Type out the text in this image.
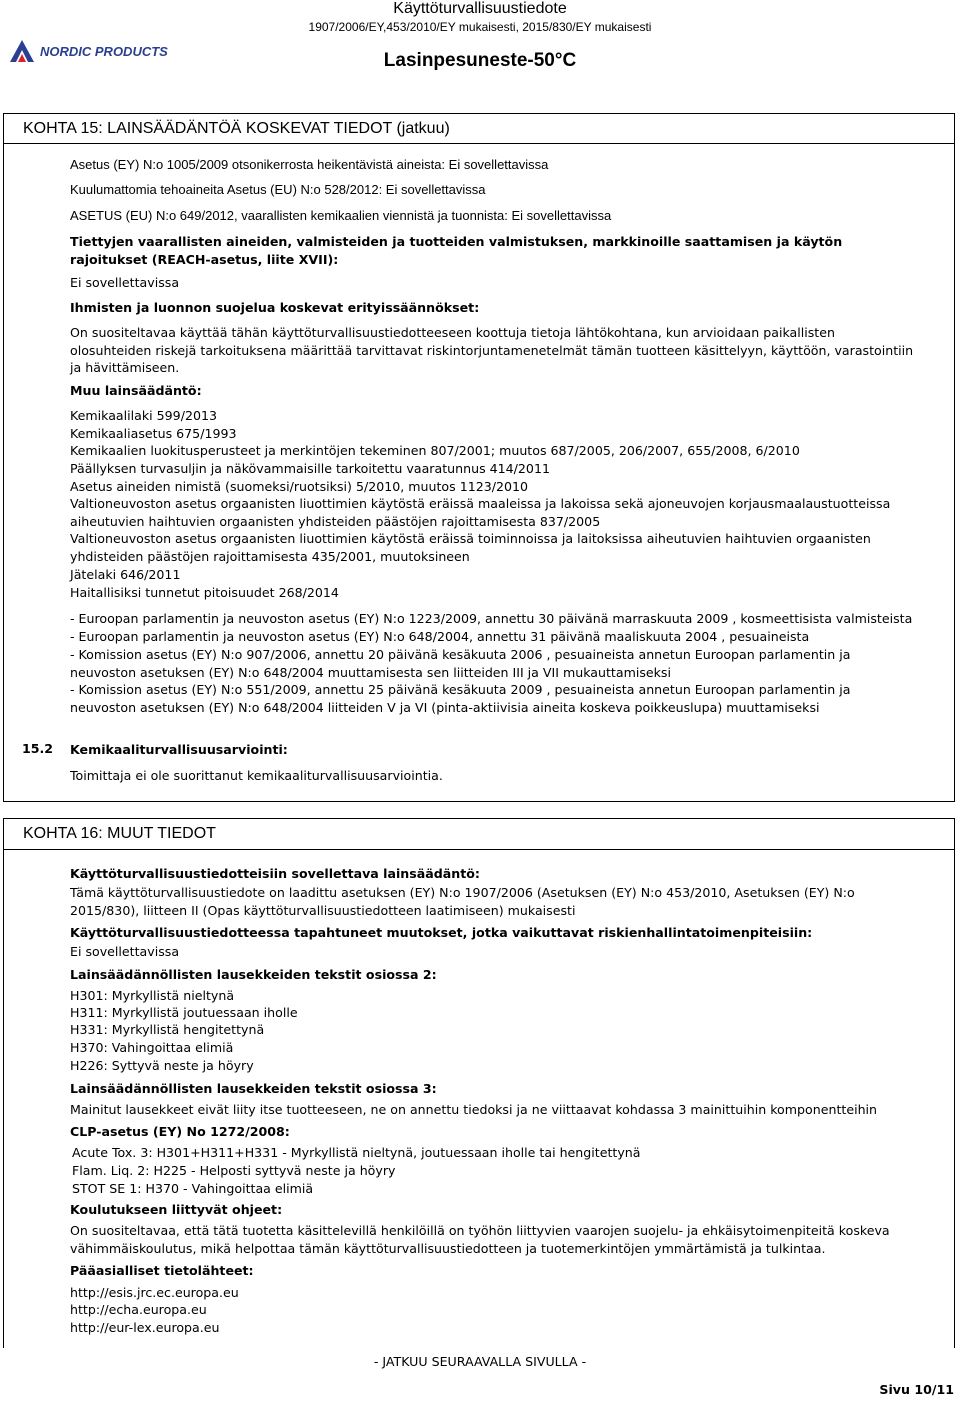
Käyttöturvallisuustiedote
1907/2006/EY,453/2010/EY mukaisesti, 2015/830/EY mukaisesti
Lasinpesuneste-50°C
NORDIC PRODUCTS
KOHTA 15: LAINSÄÄDÄNTÖÄ KOSKEVAT TIEDOT (jatkuu)
Asetus (EY) N:o 1005/2009 otsonikerrosta heikentävistä aineista: Ei sovellettavissa
Kuulumattomia tehoaineita Asetus (EU) N:o 528/2012: Ei sovellettavissa
ASETUS (EU) N:o 649/2012, vaarallisten kemikaalien viennistä ja tuonnista: Ei sovellettavissa
Tiettyjen vaarallisten aineiden, valmisteiden ja tuotteiden valmistuksen, markkinoille saattamisen ja käytön rajoitukset (REACH-asetus, liite XVII):
Ei sovellettavissa
Ihmisten ja luonnon suojelua koskevat erityissäännökset:
On suositeltavaa käyttää tähän käyttöturvallisuustiedotteeseen koottuja tietoja lähtökohtana, kun arvioidaan paikallisten olosuhteiden riskejä tarkoituksena määrittää tarvittavat riskintorjuntamenetelmät tämän tuotteen käsittelyyn, käyttöön, varastointiin ja hävittämiseen.
Muu lainsäädäntö:
Kemikaalilaki 599/2013
Kemikaaliasetus 675/1993
Kemikaalien luokitusperusteet ja merkintöjen tekeminen 807/2001; muutos 687/2005, 206/2007, 655/2008, 6/2010
Päällyksen turvasuljin ja näkövammaisille tarkoitettu vaaratunnus 414/2011
Asetus aineiden nimistä (suomeksi/ruotsiksi) 5/2010, muutos 1123/2010
Valtioneuvoston asetus orgaanisten liuottimien käytöstä eräissä maaleissa ja lakoissa sekä ajoneuvojen korjausmaalaustuotteissa aiheutuvien haihtuvien orgaanisten yhdisteiden päästöjen rajoittamisesta 837/2005
Valtioneuvoston asetus orgaanisten liuottimien käytöstä eräissä toiminnoissa ja laitoksissa aiheutuvien haihtuvien orgaanisten yhdisteiden päästöjen rajoittamisesta 435/2001, muutoksineen
Jätelaki 646/2011
Haitallisiksi tunnetut pitoisuudet 268/2014
- Euroopan parlamentin ja neuvoston asetus (EY) N:o 1223/2009, annettu 30 päivänä marraskuuta 2009 , kosmeettisista valmisteista
- Euroopan parlamentin ja neuvoston asetus (EY) N:o 648/2004, annettu 31 päivänä maaliskuuta 2004 , pesuaineista
- Komission asetus (EY) N:o 907/2006, annettu 20 päivänä kesäkuuta 2006 , pesuaineista annetun Euroopan parlamentin ja neuvoston asetuksen (EY) N:o 648/2004 muuttamisesta sen liitteiden III ja VII mukauttamiseksi
- Komission asetus (EY) N:o 551/2009, annettu 25 päivänä kesäkuuta 2009 , pesuaineista annetun Euroopan parlamentin ja neuvoston asetuksen (EY) N:o 648/2004 liitteiden V ja VI (pinta-aktiivisia aineita koskeva poikkeuslupa) muuttamiseksi
15.2 Kemikaaliturvallisuusarviointi:
Toimittaja ei ole suorittanut kemikaaliturvallisuusarviointia.
KOHTA 16: MUUT TIEDOT
Käyttöturvallisuustiedotteisiin sovellettava lainsäädäntö:
Tämä käyttöturvallisuustiedote on laadittu asetuksen (EY) N:o 1907/2006 (Asetuksen (EY) N:o 453/2010, Asetuksen (EY) N:o 2015/830), liitteen II (Opas käyttöturvallisuustiedotteen laatimiseen) mukaisesti
Käyttöturvallisuustiedotteessa tapahtuneet muutokset, jotka vaikuttavat riskienhallintatoimenpiteisiin:
Ei sovellettavissa
Lainsäädännöllisten lausekkeiden tekstit osiossa 2:
H301: Myrkyllistä nieltynä
H311: Myrkyllistä joutuessaan iholle
H331: Myrkyllistä hengitettynä
H370: Vahingoittaa elimiä
H226: Syttyvä neste ja höyry
Lainsäädännöllisten lausekkeiden tekstit osiossa 3:
Mainitut lausekkeet eivät liity itse tuotteeseen, ne on annettu tiedoksi ja ne viittaavat kohdassa 3 mainittuihin komponentteihin
CLP-asetus (EY) No 1272/2008:
Acute Tox. 3: H301+H311+H331 - Myrkyllistä nieltynä, joutuessaan iholle tai hengitettynä
Flam. Liq. 2: H225 - Helposti syttyvä neste ja höyry
STOT SE 1: H370 - Vahingoittaa elimiä
Koulutukseen liittyvät ohjeet:
On suositeltavaa, että tätä tuotetta käsittelevillä henkilöillä on työhön liittyvien vaarojen suojelu- ja ehkäisytoimenpiteitä koskeva vähimmäiskoulutus, mikä helpottaa tämän käyttöturvallisuustiedotteen ja tuotemerkintöjen ymmärtämistä ja tulkintaa.
Pääasialliset tietolähteet:
http://esis.jrc.ec.europa.eu
http://echa.europa.eu
http://eur-lex.europa.eu
- JATKUU SEURAAVALLA SIVULLA -
Sivu 10/11
